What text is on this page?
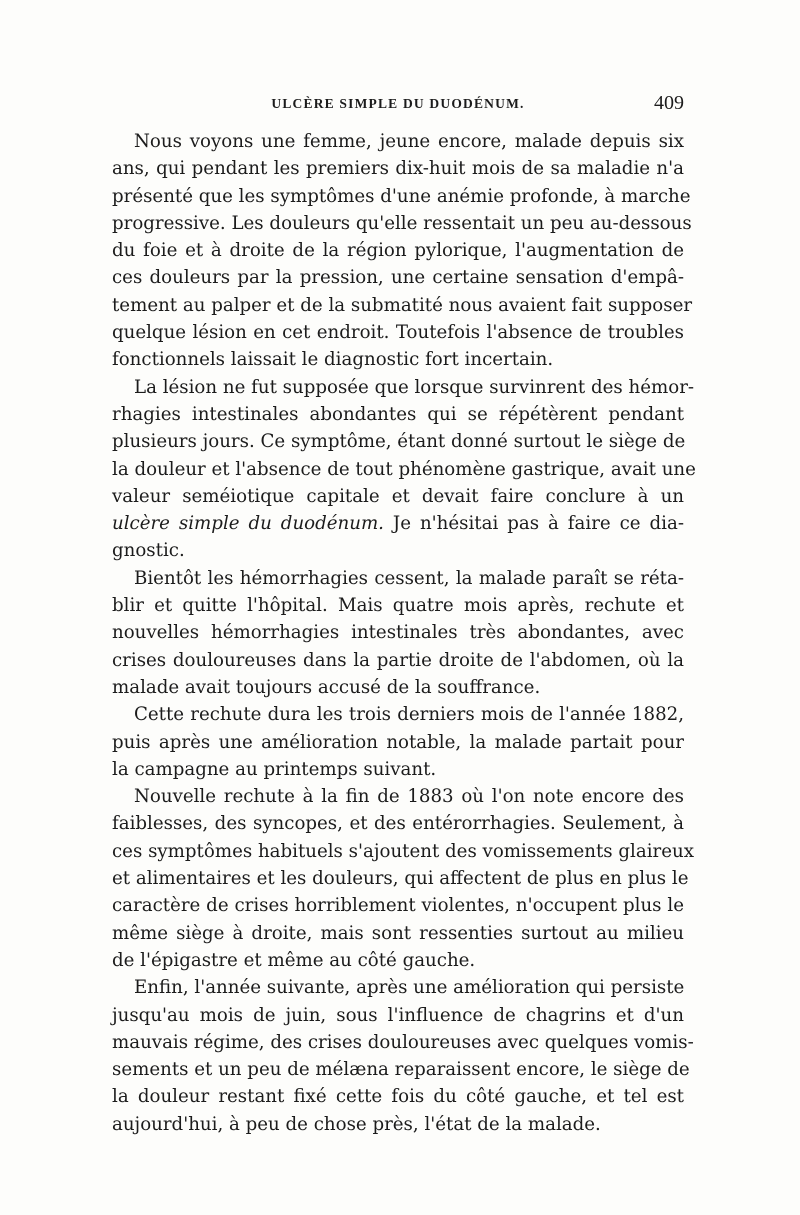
ULCÈRE SIMPLE DU DUODÉNUM.	409
Nous voyons une femme, jeune encore, malade depuis six
ans, qui pendant les premiers dix-huit mois de sa maladie n'a
présenté que les symptômes d'une anémie profonde, à marche
progressive. Les douleurs qu'elle ressentait un peu au-dessous
du foie et à droite de la région pylorique, l'augmentation de
ces douleurs par la pression, une certaine sensation d'empâ-
tement au palper et de la submatité nous avaient fait supposer
quelque lésion en cet endroit. Toutefois l'absence de troubles
fonctionnels laissait le diagnostic fort incertain.
La lésion ne fut supposée que lorsque survinrent des hémor-
rhagies intestinales abondantes qui se répétèrent pendant
plusieurs jours. Ce symptôme, étant donné surtout le siège de
la douleur et l'absence de tout phénomène gastrique, avait une
valeur seméiotique capitale et devait faire conclure à un
ulcère simple du duodénum. Je n'hésitai pas à faire ce dia-
gnostic.
Bientôt les hémorrhagies cessent, la malade paraît se réta-
blir et quitte l'hôpital. Mais quatre mois après, rechute et
nouvelles hémorrhagies intestinales très abondantes, avec
crises douloureuses dans la partie droite de l'abdomen, où la
malade avait toujours accusé de la souffrance.
Cette rechute dura les trois derniers mois de l'année 1882,
puis après une amélioration notable, la malade partait pour
la campagne au printemps suivant.
Nouvelle rechute à la fin de 1883 où l'on note encore des
faiblesses, des syncopes, et des entérorrhagies. Seulement, à
ces symptômes habituels s'ajoutent des vomissements glaireux
et alimentaires et les douleurs, qui affectent de plus en plus le
caractère de crises horriblement violentes, n'occupent plus le
même siège à droite, mais sont ressenties surtout au milieu
de l'épigastre et même au côté gauche.
Enfin, l'année suivante, après une amélioration qui persiste
jusqu'au mois de juin, sous l'influence de chagrins et d'un
mauvais régime, des crises douloureuses avec quelques vomis-
sements et un peu de mélæna reparaissent encore, le siège de
la douleur restant fixé cette fois du côté gauche, et tel est
aujourd'hui, à peu de chose près, l'état de la malade.
